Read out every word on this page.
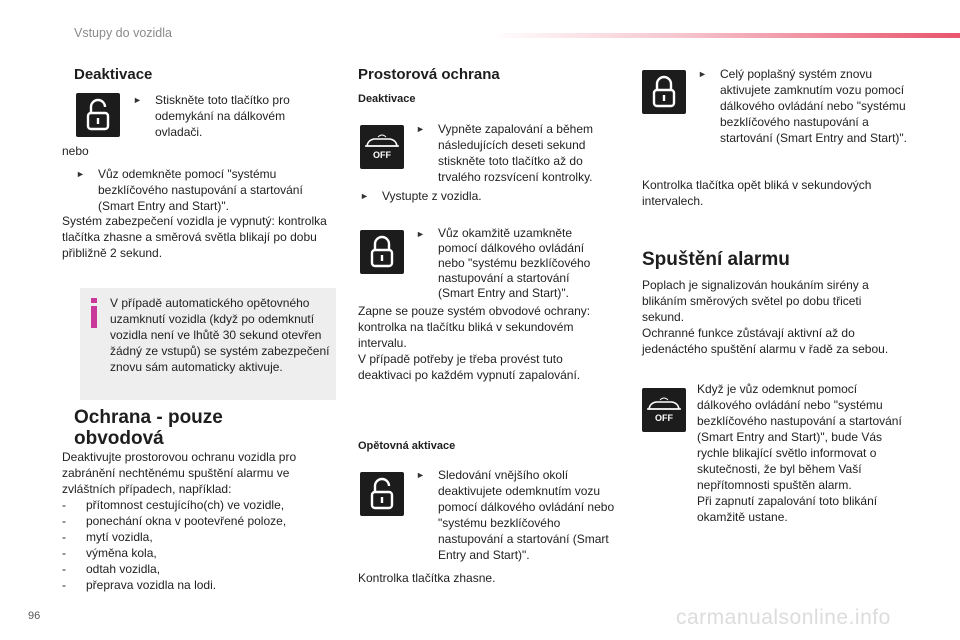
Vstupy do vozidla
Deaktivace
►	Stiskněte toto tlačítko pro odemykání na dálkovém ovladači.
nebo
►	Vůz odemkněte pomocí "systému bezklíčového nastupování a startování (Smart Entry and Start)".
Systém zabezpečení vozidla je vypnutý: kontrolka tlačítka zhasne a směrová světla blikají po dobu přibližně 2 sekund.
V případě automatického opětovného uzamknutí vozidla (když po odemknutí vozidla není ve lhůtě 30 sekund otevřen žádný ze vstupů) se systém zabezpečení znovu sám automaticky aktivuje.
Ochrana - pouze obvodová
Deaktivujte prostorovou ochranu vozidla pro zabránění nechtěnému spuštění alarmu ve zvláštních případech, například:
-	přítomnost cestujícího(ch) ve vozidle,
-	ponechání okna v pootevřené poloze,
-	mytí vozidla,
-	výměna kola,
-	odtah vozidla,
-	přeprava vozidla na lodi.
Prostorová ochrana
Deaktivace
OFF
►	Vypněte zapalování a během následujících deseti sekund stiskněte toto tlačítko až do trvalého rozsvícení kontrolky.
►	Vystupte z vozidla.
►	Vůz okamžitě uzamkněte pomocí dálkového ovládání nebo "systému bezklíčového nastupování a startování (Smart Entry and Start)".
Zapne se pouze systém obvodové ochrany: kontrolka na tlačítku bliká v sekundovém intervalu.
V případě potřeby je třeba provést tuto deaktivaci po každém vypnutí zapalování.
Opětovná aktivace
►	Sledování vnějšího okolí deaktivujete odemknutím vozu pomocí dálkového ovládání nebo "systému bezklíčového nastupování a startování (Smart Entry and Start)".
Kontrolka tlačítka zhasne.
►	Celý poplašný systém znovu aktivujete zamknutím vozu pomocí dálkového ovládání nebo "systému bezklíčového nastupování a startování (Smart Entry and Start)".
Kontrolka tlačítka opět bliká v sekundových intervalech.
Spuštění alarmu
Poplach je signalizován houkáním sirény a blikáním směrových světel po dobu třiceti sekund.
Ochranné funkce zůstávají aktivní až do jedenáctého spuštění alarmu v řadě za sebou.
OFF
Když je vůz odemknut pomocí dálkového ovládání nebo "systému bezklíčového nastupování a startování (Smart Entry and Start)", bude Vás rychle blikající světlo informovat o skutečnosti, že byl během Vaší nepřítomnosti spuštěn alarm.
Při zapnutí zapalování toto blikání okamžitě ustane.
96	carmanualsonline.info
